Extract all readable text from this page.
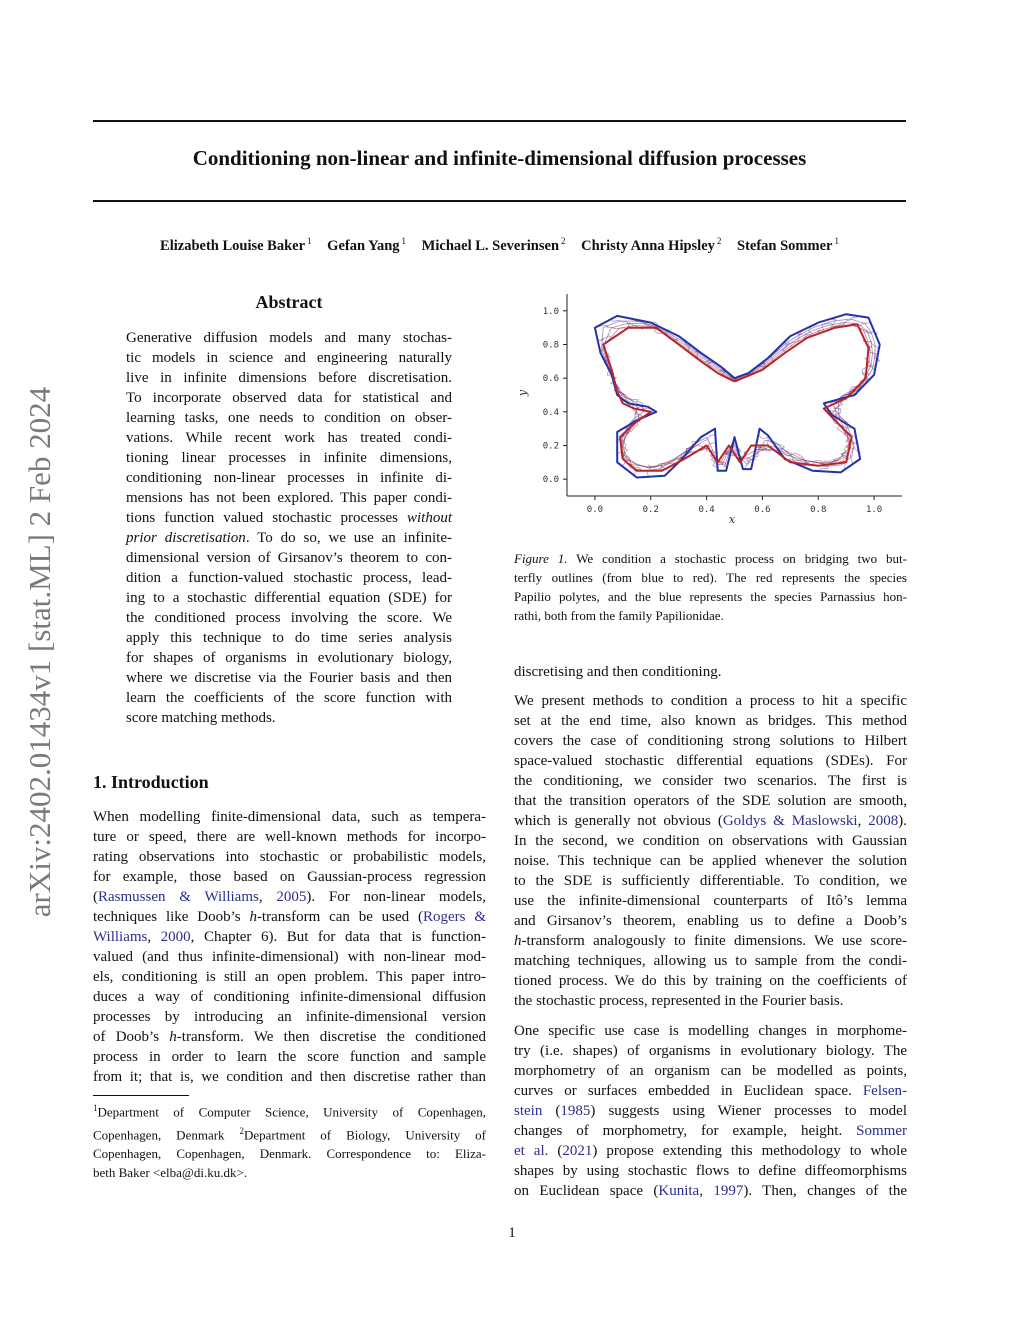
Conditioning non-linear and infinite-dimensional diffusion processes
Elizabeth Louise Baker $^1$ Gefan Yang $^1$ Michael L. Severinsen $^2$ Christy Anna Hipsley $^2$ Stefan Sommer $^1$
arXiv:2402.01434v1 [stat.ML] 2 Feb 2024
Abstract
Generative diffusion models and many stochas-
tic models in science and engineering naturally
live in infinite dimensions before discretisation.
To incorporate observed data for statistical and
learning tasks, one needs to condition on obser-
vations. While recent work has treated condi-
tioning linear processes in infinite dimensions,
conditioning non-linear processes in infinite di-
mensions has not been explored. This paper condi-
tions function valued stochastic processes without
prior discretisation. To do so, we use an infinite-
dimensional version of Girsanov’s theorem to con-
dition a function-valued stochastic process, lead-
ing to a stochastic differential equation (SDE) for
the conditioned process involving the score. We
apply this technique to do time series analysis
for shapes of organisms in evolutionary biology,
where we discretise via the Fourier basis and then
learn the coefficients of the score function with
score matching methods.
1. Introduction
When modelling finite-dimensional data, such as tempera-
ture or speed, there are well-known methods for incorpo-
rating observations into stochastic or probabilistic models,
for example, those based on Gaussian-process regression
(Rasmussen & Williams, 2005). For non-linear models,
techniques like Doob’s h-transform can be used (Rogers &
Williams, 2000, Chapter 6). But for data that is function-
valued (and thus infinite-dimensional) with non-linear mod-
els, conditioning is still an open problem. This paper intro-
duces a way of conditioning infinite-dimensional diffusion
processes by introducing an infinite-dimensional version
of Doob’s h-transform. We then discretise the conditioned
process in order to learn the score function and sample
from it; that is, we condition and then discretise rather than
$^1$Department of Computer Science, University of Copenhagen,
Copenhagen, Denmark $^2$Department of Biology, University of
Copenhagen, Copenhagen, Denmark. Correspondence to: Eliza-
beth Baker <elba@di.ku.dk>.
0.0	0.2	0.4	0.6	0.8	1.0
0.0
0.2
0.4
0.6
0.8
1.0
x
y
Figure 1. We condition a stochastic process on bridging two but-
terfly outlines (from blue to red). The red represents the species
Papilio polytes, and the blue represents the species Parnassius hon-
rathi, both from the family Papilionidae.
discretising and then conditioning.
We present methods to condition a process to hit a specific
set at the end time, also known as bridges. This method
covers the case of conditioning strong solutions to Hilbert
space-valued stochastic differential equations (SDEs). For
the conditioning, we consider two scenarios. The first is
that the transition operators of the SDE solution are smooth,
which is generally not obvious (Goldys & Maslowski, 2008).
In the second, we condition on observations with Gaussian
noise. This technique can be applied whenever the solution
to the SDE is sufficiently differentiable. To condition, we
use the infinite-dimensional counterparts of Itô’s lemma
and Girsanov’s theorem, enabling us to define a Doob’s
h-transform analogously to finite dimensions. We use score-
matching techniques, allowing us to sample from the condi-
tioned process. We do this by training on the coefficients of
the stochastic process, represented in the Fourier basis.
One specific use case is modelling changes in morphome-
try (i.e. shapes) of organisms in evolutionary biology. The
morphometry of an organism can be modelled as points,
curves or surfaces embedded in Euclidean space. Felsen-
stein (1985) suggests using Wiener processes to model
changes of morphometry, for example, height. Sommer
et al. (2021) propose extending this methodology to whole
shapes by using stochastic flows to define diffeomorphisms
on Euclidean space (Kunita, 1997). Then, changes of the
1
